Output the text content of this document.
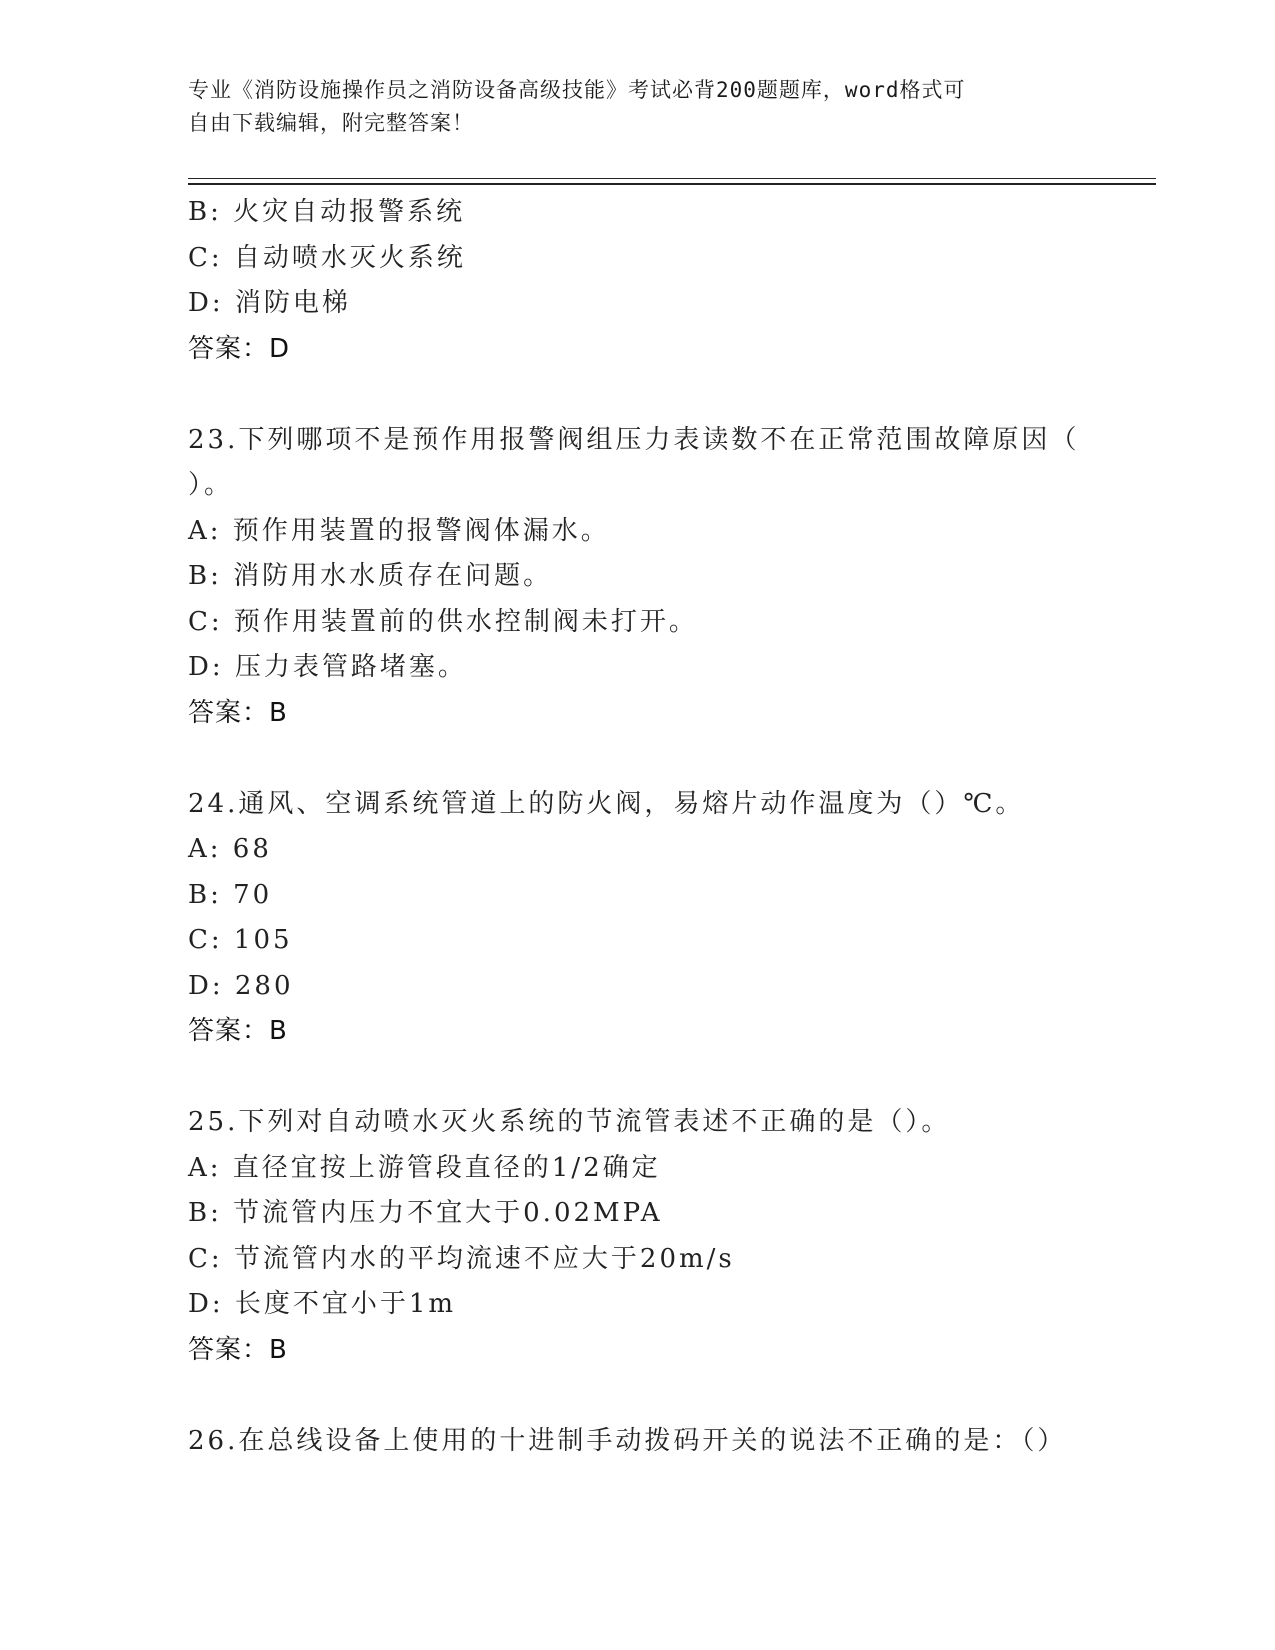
专业《消防设施操作员之消防设备高级技能》考试必背200题题库，word格式可
自由下载编辑，附完整答案！
B: 火灾自动报警系统
C: 自动喷水灭火系统
D: 消防电梯
答案：D
23.下列哪项不是预作用报警阀组压力表读数不在正常范围故障原因（
）。
A: 预作用装置的报警阀体漏水。
B: 消防用水水质存在问题。
C: 预作用装置前的供水控制阀未打开。
D: 压力表管路堵塞。
答案：B
24.通风、空调系统管道上的防火阀，易熔片动作温度为（）℃。
A: 68
B: 70
C: 105
D: 280
答案：B
25.下列对自动喷水灭火系统的节流管表述不正确的是（）。
A: 直径宜按上游管段直径的1/2确定
B: 节流管内压力不宜大于0.02MPA
C: 节流管内水的平均流速不应大于20m/s
D: 长度不宜小于1m
答案：B
26.在总线设备上使用的十进制手动拨码开关的说法不正确的是：（）
